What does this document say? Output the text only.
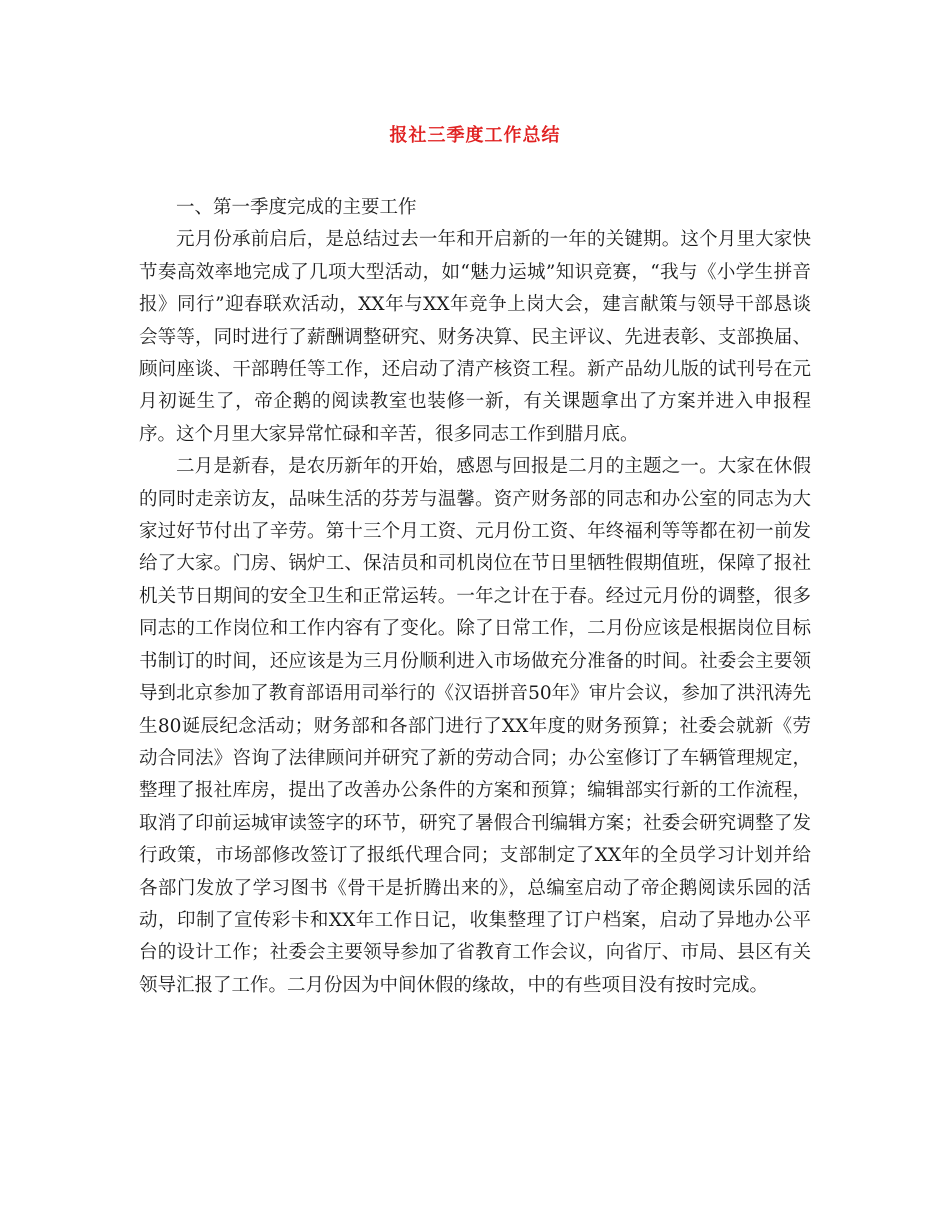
报社三季度工作总结

一、第一季度完成的主要工作

元月份承前启后，是总结过去一年和开启新的一年的关键期。这个月里大家快节奏高效率地完成了几项大型活动，如“魅力运城”知识竞赛，“我与《小学生拼音报》同行”迎春联欢活动，XX年与XX年竞争上岗大会，建言献策与领导干部恳谈会等等，同时进行了薪酬调整研究、财务决算、民主评议、先进表彰、支部换届、顾问座谈、干部聘任等工作，还启动了清产核资工程。新产品幼儿版的试刊号在元月初诞生了，帝企鹅的阅读教室也装修一新，有关课题拿出了方案并进入申报程序。这个月里大家异常忙碌和辛苦，很多同志工作到腊月底。

二月是新春，是农历新年的开始，感恩与回报是二月的主题之一。大家在休假的同时走亲访友，品味生活的芬芳与温馨。资产财务部的同志和办公室的同志为大家过好节付出了辛劳。第十三个月工资、元月份工资、年终福利等等都在初一前发给了大家。门房、锅炉工、保洁员和司机岗位在节日里牺牲假期值班，保障了报社机关节日期间的安全卫生和正常运转。一年之计在于春。经过元月份的调整，很多同志的工作岗位和工作内容有了变化。除了日常工作，二月份应该是根据岗位目标书制订的时间，还应该是为三月份顺利进入市场做充分准备的时间。社委会主要领导到北京参加了教育部语用司举行的《汉语拼音50年》审片会议，参加了洪汛涛先生80诞辰纪念活动；财务部和各部门进行了XX年度的财务预算；社委会就新《劳动合同法》咨询了法律顾问并研究了新的劳动合同；办公室修订了车辆管理规定，整理了报社库房，提出了改善办公条件的方案和预算；编辑部实行新的工作流程，取消了印前运城审读签字的环节，研究了暑假合刊编辑方案；社委会研究调整了发行政策，市场部修改签订了报纸代理合同；支部制定了XX年的全员学习计划并给各部门发放了学习图书《骨干是折腾出来的》，总编室启动了帝企鹅阅读乐园的活动，印制了宣传彩卡和XX年工作日记，收集整理了订户档案，启动了异地办公平台的设计工作；社委会主要领导参加了省教育工作会议，向省厅、市局、县区有关领导汇报了工作。二月份因为中间休假的缘故，中的有些项目没有按时完成。
